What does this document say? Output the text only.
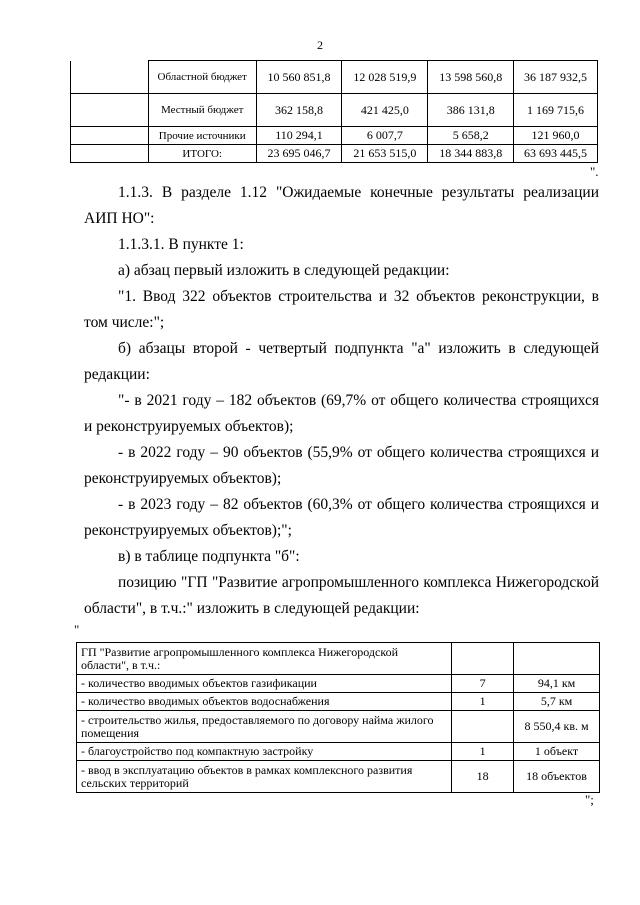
2
	Областной бюджет	10 560 851,8	12 028 519,9	13 598 560,8	36 187 932,5
	Местный бюджет	362 158,8	421 425,0	386 131,8	1 169 715,6
	Прочие источники	110 294,1	6 007,7	5 658,2	121 960,0
	ИТОГО:	23 695 046,7	21 653 515,0	18 344 883,8	63 693 445,5
".

1.1.3. В разделе 1.12 "Ожидаемые конечные результаты реализации АИП НО":

1.1.3.1. В пункте 1:

а) абзац первый изложить в следующей редакции:

"1. Ввод 322 объектов строительства и 32 объектов реконструкции, в том числе:";

б) абзацы второй - четвертый подпункта "а" изложить в следующей редакции:

"- в 2021 году – 182 объектов (69,7% от общего количества строящихся и реконструируемых объектов);

- в 2022 году – 90 объектов (55,9% от общего количества строящихся и реконструируемых объектов);

- в 2023 году – 82 объектов (60,3% от общего количества строящихся и реконструируемых объектов);";

в) в таблице подпункта "б":

позицию "ГП "Развитие агропромышленного комплекса Нижегородской области", в т.ч.:" изложить в следующей редакции:

"
ГП "Развитие агропромышленного комплекса Нижегородской области", в т.ч.:		
- количество вводимых объектов газификации	7	94,1 км
- количество вводимых объектов водоснабжения	1	5,7 км
- строительство жилья, предоставляемого по договору найма жилого помещения		8 550,4 кв. м
- благоустройство под компактную застройку	1	1 объект
- ввод в эксплуатацию объектов в рамках комплексного развития сельских территорий	18	18 объектов
";
